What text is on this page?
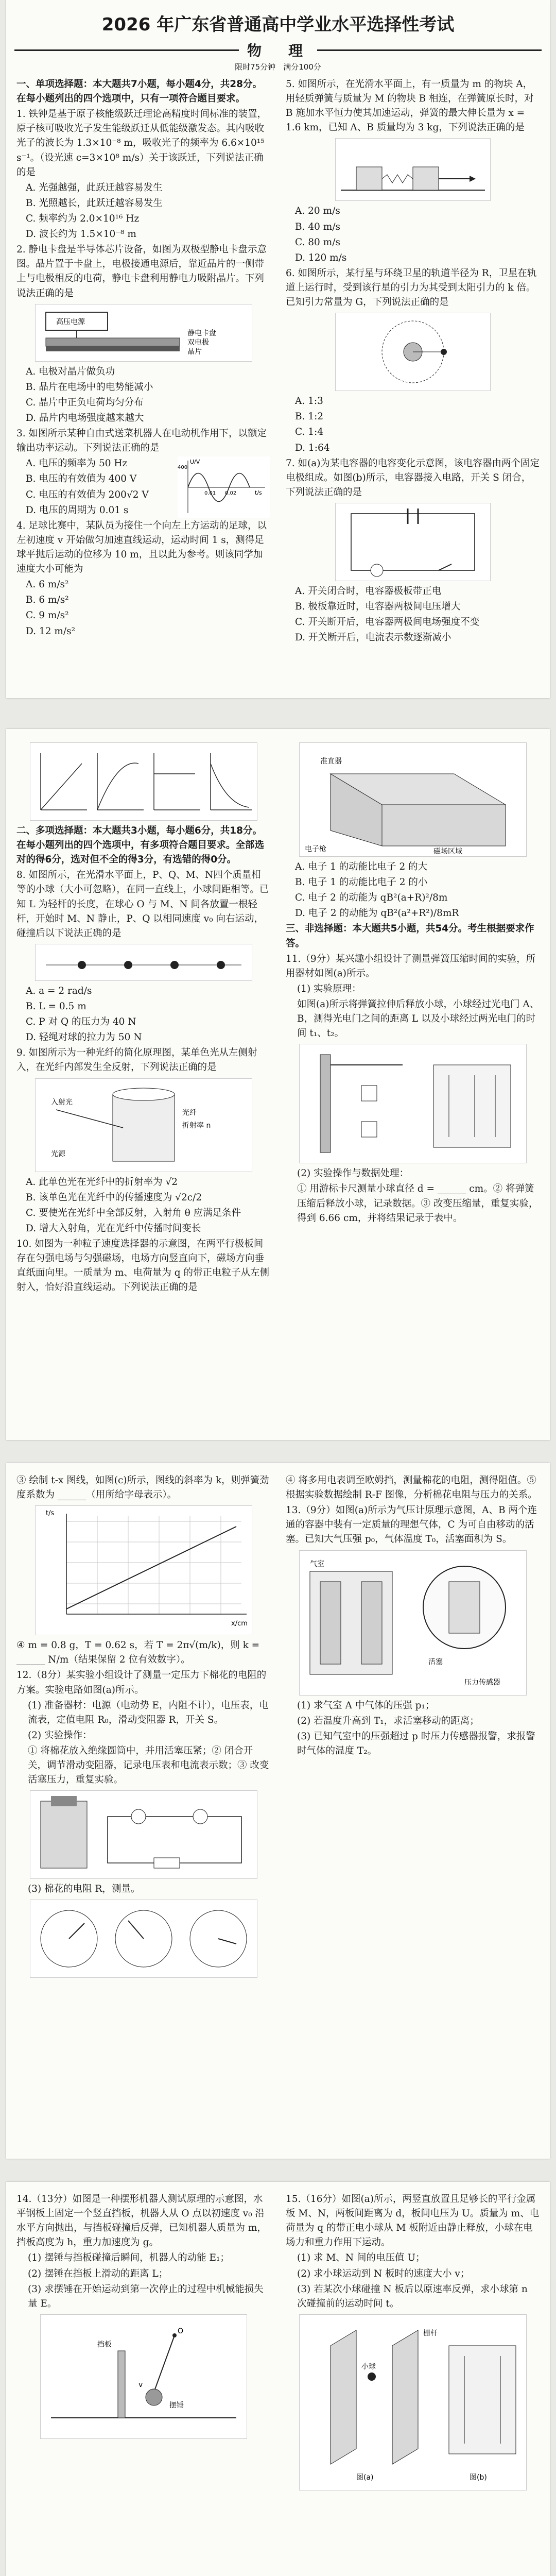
2026 年广东省普通高中学业水平选择性考试
物　理
限时75分钟　满分100分

一、单项选择题：本大题共7小题，每小题4分，共28分。在每小题列出的四个选项中，只有一项符合题目要求。

1. 铁钟是基于原子核能级跃迁理论高精度时间标准的装置，原子核可吸收光子发生能级跃迁从低能级激发态。其内吸收光子的波长为 1.3×10⁻⁸ m，吸收光子的频率为 6.6×10¹⁵ s⁻¹。（设光速 c=3×10⁸ m/s）关于该跃迁，下列说法正确的是

A. 光强越强，此跃迁越容易发生

B. 光照越长，此跃迁越容易发生

C. 频率约为 2.0×10¹⁶ Hz

D. 波长约为 1.5×10⁻⁸ m

2. 静电卡盘是半导体芯片设备，如图为双极型静电卡盘示意图。晶片置于卡盘上，电极接通电源后，靠近晶片的一侧带上与电极相反的电荷，静电卡盘利用静电力吸附晶片。下列说法正确的是

高压电源
静电卡盘
双电极
晶片

A. 电极对晶片做负功

B. 晶片在电场中的电势能减小

C. 晶片中正负电荷均匀分布

D. 晶片内电场强度越来越大

3. 如图所示某种自由式送菜机器人在电动机作用下，以额定输出功率运动。下列说法正确的是

A. 电压的频率为 50 Hz

B. 电压的有效值为 400 V

C. 电压的有效值为 200√2 V

D. 电压的周期为 0.01 s

U/V
t/s
400
0.01 0.02

4. 足球比赛中，某队员为接住一个向左上方运动的足球，以左初速度 v 开始做匀加速直线运动，运动时间 1 s，测得足球平抛后运动的位移为 10 m，且以此为参考。则该同学加速度大小可能为

A. 6 m/s²

B. 6 m/s²

C. 9 m/s²

D. 12 m/s²

5. 如图所示，在光滑水平面上，有一质量为 m 的物块 A，用轻质弹簧与质量为 M 的物块 B 相连，在弹簧原长时，对 B 施加水平恒力使其加速运动，弹簧的最大伸长量为 x = 1.6 km，已知 A、B 质量均为 3 kg，下列说法正确的是

A. 20 m/s

B. 40 m/s

C. 80 m/s

D. 120 m/s

6. 如图所示，某行星与环绕卫星的轨道半径为 R，卫星在轨道上运行时，受到该行星的引力为其受到太阳引力的 k 倍。已知引力常量为 G，下列说法正确的是

A. 1:3

B. 1:2

C. 1:4

D. 1:64

7. 如(a)为某电容器的电容变化示意图，该电容器由两个固定电极组成。如图(b)所示，电容器接入电路，开关 S 闭合，下列说法正确的是

A. 开关闭合时，电容器极板带正电

B. 极板靠近时，电容器两极间电压增大

C. 开关断开后，电容器两极间电场强度不变

D. 开关断开后，电流表示数逐渐减小

二、多项选择题：本大题共3小题，每小题6分，共18分。在每小题列出的四个选项中，有多项符合题目要求。全部选对的得6分，选对但不全的得3分，有选错的得0分。

8. 如图所示，在光滑水平面上，P、Q、M、N四个质量相等的小球（大小可忽略），在同一直线上，小球间距相等。已知 L 为轻杆的长度，在球心 O 与 M、N 间各放置一根轻杆，开始时 M、N 静止，P、Q 以相同速度 v₀ 向右运动，碰撞后以下说法正确的是

A. a = 2 rad/s

B. L = 0.5 m

C. P 对 Q 的压力为 40 N

D. 轻绳对球的拉力为 50 N

9. 如图所示为一种光纤的简化原理图，某单色光从左侧射入，在光纤内部发生全反射，下列说法正确的是

入射光
光纤
折射率 n
光源

A. 此单色光在光纤中的折射率为 √2

B. 该单色光在光纤中的传播速度为 √2c/2

C. 要使光在光纤中全部反射，入射角 θ 应满足条件

D. 增大入射角，光在光纤中传播时间变长

10. 如图为一种粒子速度选择器的示意图，在两平行极板间存在匀强电场与匀强磁场，电场方向竖直向下，磁场方向垂直纸面向里。一质量为 m、电荷量为 q 的带正电粒子从左侧射入，恰好沿直线运动。下列说法正确的是

准直器
电子枪	磁场区域

A. 电子 1 的动能比电子 2 的大

B. 电子 1 的动能比电子 2 的小

C. 电子 2 的动能为 qB²(a+R)²/8m

D. 电子 2 的动能为 qB²(a²+R²)/8mR

三、非选择题：本大题共5小题，共54分。考生根据要求作答。

11.（9分）某兴趣小组设计了测量弹簧压缩时间的实验，所用器材如图(a)所示。

(1) 实验原理：

如图(a)所示将弹簧拉伸后释放小球，小球经过光电门 A、B，测得光电门之间的距离 L 以及小球经过两光电门的时间 t₁、t₂。

(2) 实验操作与数据处理：

① 用游标卡尺测量小球直径 d = ______ cm。② 将弹簧压缩后释放小球，记录数据。③ 改变压缩量，重复实验，得到 6.66 cm，并将结果记录于表中。

③ 绘制 t-x 图线，如图(c)所示，图线的斜率为 k，则弹簧劲度系数为 ______（用所给字母表示）。

x/cm
t/s

④ m = 0.8 g，T = 0.62 s，若 T = 2π√(m/k)，则 k = ______ N/m（结果保留 2 位有效数字）。

12.（8分）某实验小组设计了测量一定压力下棉花的电阻的方案。实验电路如图(a)所示。

(1) 准备器材：电源（电动势 E，内阻不计），电压表，电流表，定值电阻 R₀，滑动变阻器 R，开关 S。

(2) 实验操作：

① 将棉花放入绝缘圆筒中，并用活塞压紧；② 闭合开关，调节滑动变阻器，记录电压表和电流表示数；③ 改变活塞压力，重复实验。

(3) 棉花的电阻 R，测量。

④ 将多用电表调至欧姆挡，测量棉花的电阻，测得阻值。⑤ 根据实验数据绘制 R-F 图像，分析棉花电阻与压力的关系。

13.（9分）如图(a)所示为气压计原理示意图，A、B 两个连通的容器中装有一定质量的理想气体，C 为可自由移动的活塞。已知大气压强 p₀，气体温度 T₀，活塞面积为 S。

气室
活塞
压力传感器

(1) 求气室 A 中气体的压强 p₁；

(2) 若温度升高到 T₁，求活塞移动的距离；

(3) 已知气室中的压强超过 p 时压力传感器报警，求报警时气体的温度 T₂。

14.（13分）如图是一种摆形机器人测试原理的示意图，水平钢板上固定一个竖直挡板，机器人从 O 点以初速度 v₀ 沿水平方向抛出，与挡板碰撞后反弹，已知机器人质量为 m，挡板高度为 h，重力加速度为 g。

(1) 摆锤与挡板碰撞后瞬间，机器人的动能 E₁；

(2) 摆锤在挡板上滑动的距离 L；

(3) 求摆锤在开始运动到第一次停止的过程中机械能损失量 E。

挡板
摆锤
O
v

15.（16分）如图(a)所示，两竖直放置且足够长的平行金属板 M、N，两板间距离为 d，板间电压为 U。质量为 m、电荷量为 q 的带正电小球从 M 板附近由静止释放，小球在电场力和重力作用下运动。

(1) 求 M、N 间的电压值 U；

(2) 求小球运动到 N 板时的速度大小 v；

(3) 若某次小球碰撞 N 板后以原速率反弹，求小球第 n 次碰撞前的运动时间 t。

栅杆
小球
图(a)	图(b)
